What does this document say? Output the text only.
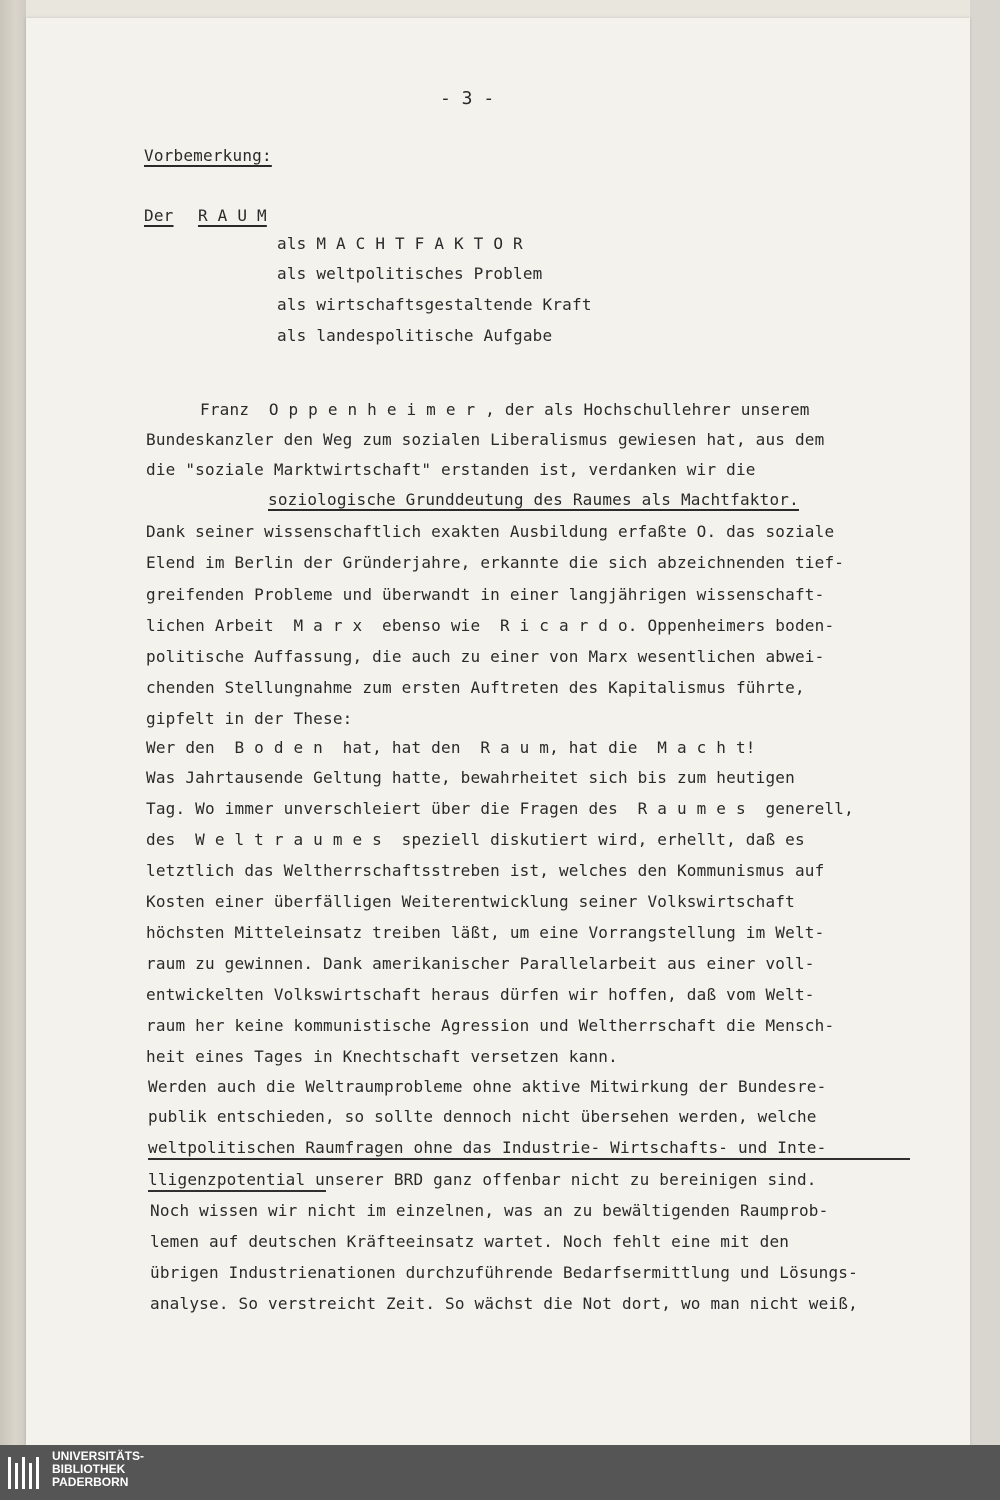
- 3 -
Vorbemerkung:
Der R A U M
als M A C H T F A K T O R
als weltpolitisches Problem
als wirtschaftsgestaltende Kraft
als landespolitische Aufgabe
Franz  O p p e n h e i m e r , der als Hochschullehrer unserem
Bundeskanzler den Weg zum sozialen Liberalismus gewiesen hat, aus dem
die "soziale Marktwirtschaft" erstanden ist, verdanken wir die
soziologische Grunddeutung des Raumes als Machtfaktor.
Dank seiner wissenschaftlich exakten Ausbildung erfaßte O. das soziale
Elend im Berlin der Gründerjahre, erkannte die sich abzeichnenden tief-
greifenden Probleme und überwandt in einer langjährigen wissenschaft-
lichen Arbeit  M a r x  ebenso wie  R i c a r d o. Oppenheimers boden-
politische Auffassung, die auch zu einer von Marx wesentlichen abwei-
chenden Stellungnahme zum ersten Auftreten des Kapitalismus führte,
gipfelt in der These:
Wer den  B o d e n  hat, hat den  R a u m, hat die  M a c h t!
Was Jahrtausende Geltung hatte, bewahrheitet sich bis zum heutigen
Tag. Wo immer unverschleiert über die Fragen des  R a u m e s  generell,
des  W e l t r a u m e s  speziell diskutiert wird, erhellt, daß es
letztlich das Weltherrschaftsstreben ist, welches den Kommunismus auf
Kosten einer überfälligen Weiterentwicklung seiner Volkswirtschaft
höchsten Mitteleinsatz treiben läßt, um eine Vorrangstellung im Welt-
raum zu gewinnen. Dank amerikanischer Parallelarbeit aus einer voll-
entwickelten Volkswirtschaft heraus dürfen wir hoffen, daß vom Welt-
raum her keine kommunistische Agression und Weltherrschaft die Mensch-
heit eines Tages in Knechtschaft versetzen kann.
Werden auch die Weltraumprobleme ohne aktive Mitwirkung der Bundesre-
publik entschieden, so sollte dennoch nicht übersehen werden, welche
weltpolitischen Raumfragen ohne das Industrie- Wirtschafts- und Inte-
lligenzpotential unserer BRD ganz offenbar nicht zu bereinigen sind.
Noch wissen wir nicht im einzelnen, was an zu bewältigenden Raumprob-
lemen auf deutschen Kräfteeinsatz wartet. Noch fehlt eine mit den
übrigen Industrienationen durchzuführende Bedarfsermittlung und Lösungs-
analyse. So verstreicht Zeit. So wächst die Not dort, wo man nicht weiß,
UNIVERSITÄTS-
BIBLIOTHEK
PADERBORN
